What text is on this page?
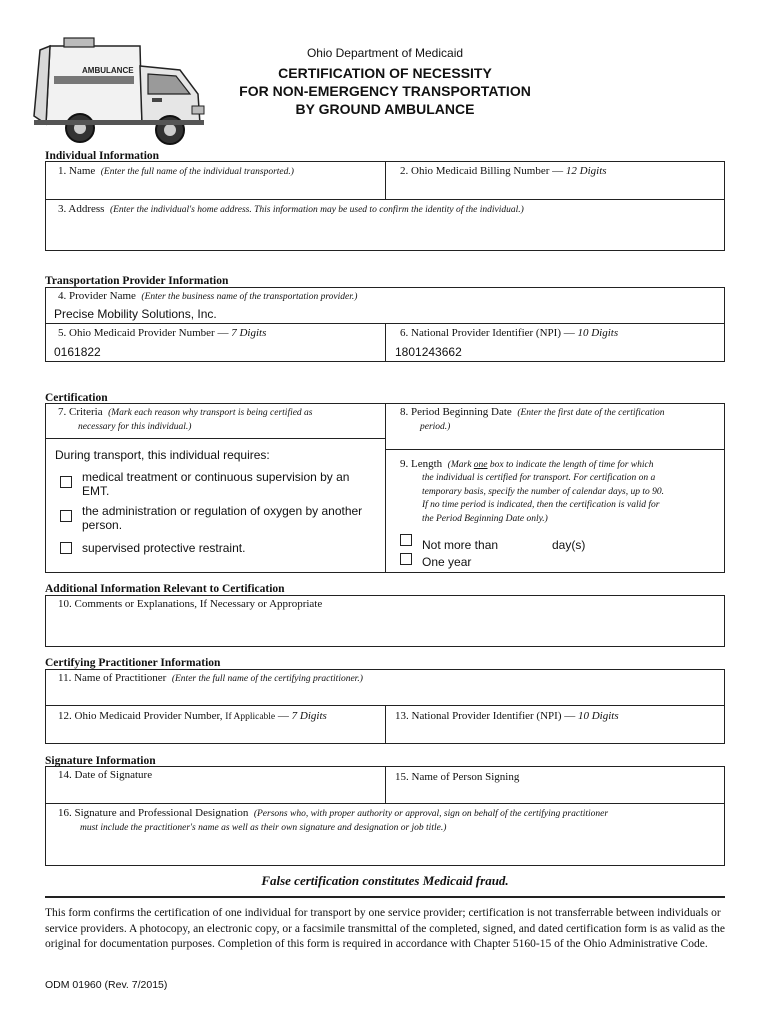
AMBULANCE
Ohio Department of Medicaid
CERTIFICATION OF NECESSITY
FOR NON-EMERGENCY TRANSPORTATION
BY GROUND AMBULANCE
Individual Information
1. Name (Enter the full name of the individual transported.)	2. Ohio Medicaid Billing Number — 12 Digits
3. Address (Enter the individual's home address. This information may be used to confirm the identity of the individual.)
Transportation Provider Information
4. Provider Name (Enter the business name of the transportation provider.)
Precise Mobility Solutions, Inc.
5. Ohio Medicaid Provider Number — 7 Digits
0161822
6. National Provider Identifier (NPI) — 10 Digits
1801243662
Certification
7. Criteria (Mark each reason why transport is being certified as
necessary for this individual.)
During transport, this individual requires:
medical treatment or continuous supervision by an EMT.
the administration or regulation of oxygen by another person.
supervised protective restraint.
8. Period Beginning Date (Enter the first date of the certification
period.)
9. Length (Mark one box to indicate the length of time for which
the individual is certified for transport. For certification on a
temporary basis, specify the number of calendar days, up to 90.
If no time period is indicated, then the certification is valid for
the Period Beginning Date only.)
Not more than	day(s)
One year
Additional Information Relevant to Certification
10. Comments or Explanations, If Necessary or Appropriate
Certifying Practitioner Information
11. Name of Practitioner (Enter the full name of the certifying practitioner.)
12. Ohio Medicaid Provider Number, If Applicable — 7 Digits	13. National Provider Identifier (NPI) — 10 Digits
Signature Information
14. Date of Signature	15. Name of Person Signing
16. Signature and Professional Designation (Persons who, with proper authority or approval, sign on behalf of the certifying practitioner
must include the practitioner's name as well as their own signature and designation or job title.)
False certification constitutes Medicaid fraud.
This form confirms the certification of one individual for transport by one service provider; certification is not transferrable between individuals or service providers. A photocopy, an electronic copy, or a facsimile transmittal of the completed, signed, and dated certification form is as valid as the original for documentation purposes. Completion of this form is required in accordance with Chapter 5160-15 of the Ohio Administrative Code.
ODM 01960 (Rev. 7/2015)
